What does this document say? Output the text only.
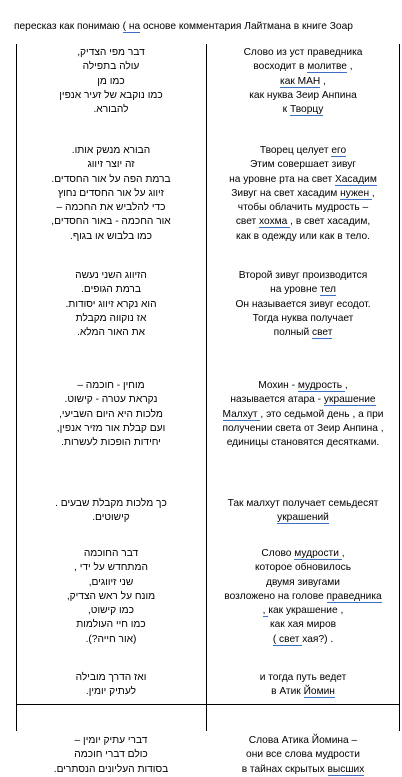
пересказ как понимаю ( на основе комментария Лайтмана в книге Зоар
דבר מפי הצדיק,
עולה בתפילה
כמו מן
כמו נוקבא של זעיר אנפין
להבורא.
הבורא מנשק אותו.
זה יוצר זיווג
ברמת הפה על אור החסדים.
זיווג על אור החסדים נחוץ
כדי להלביש את החכמה –
אור החכמה - באור החסדים,
כמו בלבוש או בגוף.
הזיווג השני נעשה
ברמת הגופים.
הוא נקרא זיווג יסודות.
אז נוקווה מקבלת
את האור המלא.
מוחין - חוכמה –
נקראת עטרה - קישוט.
מלכות היא היום השביעי,
ועם קבלת אור מזיר אנפין,
יחידות הופכות לעשרות.
כך מלכות מקבלת שבעים .
קישוטים.
דבר החוכמה
המתחדש על ידי ,
שני זיווגים,
מונח על ראש הצדיק,
כמו קישוט,
כמו חיי העולמות
(אור חייה?).
ואז הדרך מובילה
לעתיק יומין.
דברי עתיק יומין –
כולם דברי חוכמה
בסודות העליונים הנסתרים.
Слово из уст праведника
восходит в молитве ,
как МАН ,
как нуква Зеир Анпина
к Творцу
Творец целует его
Этим совершает зивуг
на уровне рта на свет Хасадим
Зивуг на свет хасадим нужен ,
чтобы облачить мудрость –
свет хохма , в свет хасадим,
как в одежду или как в тело.
Второй зивуг производится
на уровне тел
Он называется зивуг есодот.
Тогда нуква получает
полный свет
Мохин - мудрость ,
называется атара - украшение
Малхут , это седьмой день , а при
получении света от Зеир Анпина ,
единицы становятся десятками.
Так малхут получает семьдесят
украшений
Слово мудрости ,
которое обновилось
двумя зивугами
возложено на голове праведника
, как украшение ,
как хая миров
( свет хая?) .
и тогда путь ведет
в Атик Йомин
Слова Атика Йомина –
они все слова мудрости
в тайнах скрытых высших
